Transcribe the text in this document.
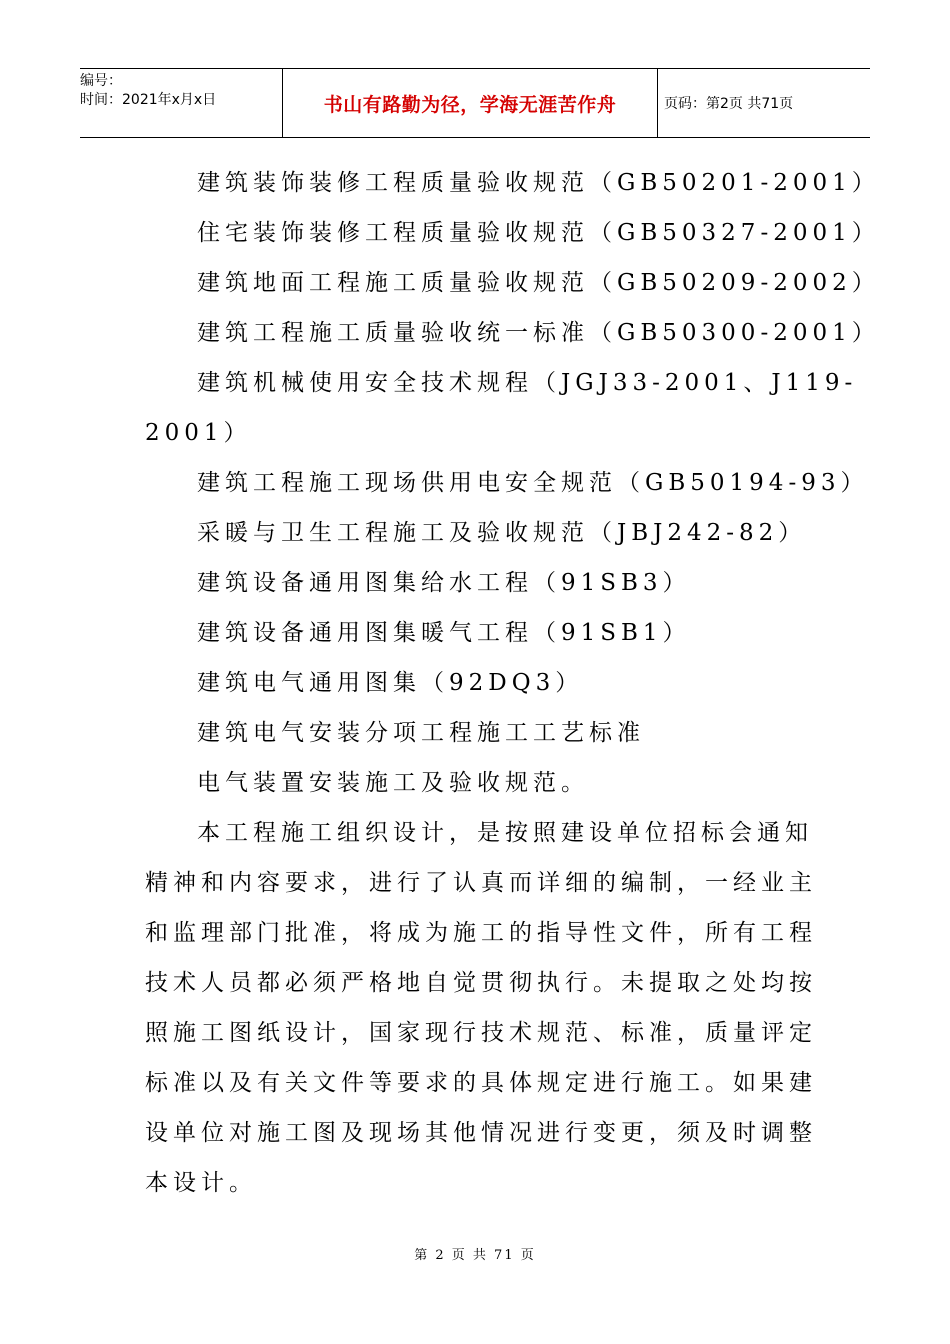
编号：
时间：2021年x月x日	书山有路勤为径，学海无涯苦作舟	页码：第2页 共71页
建筑装饰装修工程质量验收规范（GB50201-2001）
住宅装饰装修工程质量验收规范（GB50327-2001）
建筑地面工程施工质量验收规范（GB50209-2002）
建筑工程施工质量验收统一标准（GB50300-2001）
建筑机械使用安全技术规程（JGJ33-2001、J119-
2001）
建筑工程施工现场供用电安全规范（GB50194-93）
采暖与卫生工程施工及验收规范（JBJ242-82）
建筑设备通用图集给水工程（91SB3）
建筑设备通用图集暖气工程（91SB1）
建筑电气通用图集（92DQ3）
建筑电气安装分项工程施工工艺标准
电气装置安装施工及验收规范。
本工程施工组织设计，是按照建设单位招标会通知
精神和内容要求，进行了认真而详细的编制，一经业主
和监理部门批准，将成为施工的指导性文件，所有工程
技术人员都必须严格地自觉贯彻执行。未提取之处均按
照施工图纸设计，国家现行技术规范、标准，质量评定
标准以及有关文件等要求的具体规定进行施工。如果建
设单位对施工图及现场其他情况进行变更，须及时调整
本设计。
第 2 页 共 71 页
